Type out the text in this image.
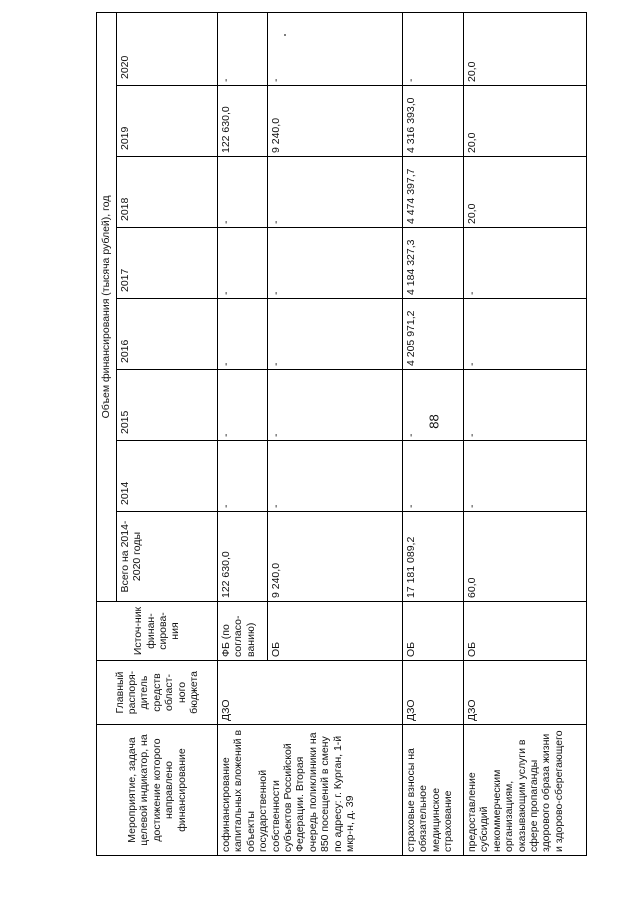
88
Мероприятие, задача целевой индикатор, на достижение которого направлено финансирование	Главный распоря-дитель средств област-ного бюджета	Источ-ник финан-сирова-ния	Объем финансирования (тысяча рублей), год							
			Всего на 2014-2020 годы	2014	2015	2016	2017	2018	2019	2020
софинансирование капитальных вложений в объекты государственной собственности субъектов Российской Федерации. Вторая очередь поликлиники на 850 посещений в смену по адресу: г. Курган, 1-й мкр-н, д. 39	ДЗО	ФБ (по согласо-ванию)	122 630,0	-	-	-	-	-	122 630,0	-
		ОБ	9 240,0	-	-	-	-	-	9 240,0	-
страховые взносы на обязательное медицинское страхование	ДЗО	ОБ	17 181 089,2	-	-	4 205 971,2	4 184 327,3	4 474 397,7	4 316 393,0	-
предоставление субсидий некоммерческим организациям, оказывающим услуги в сфере пропаганды здорового образа жизни и здорово-сберегающего	ДЗО	ОБ	60,0	-	-	-	-	20,0	20,0	20,0
